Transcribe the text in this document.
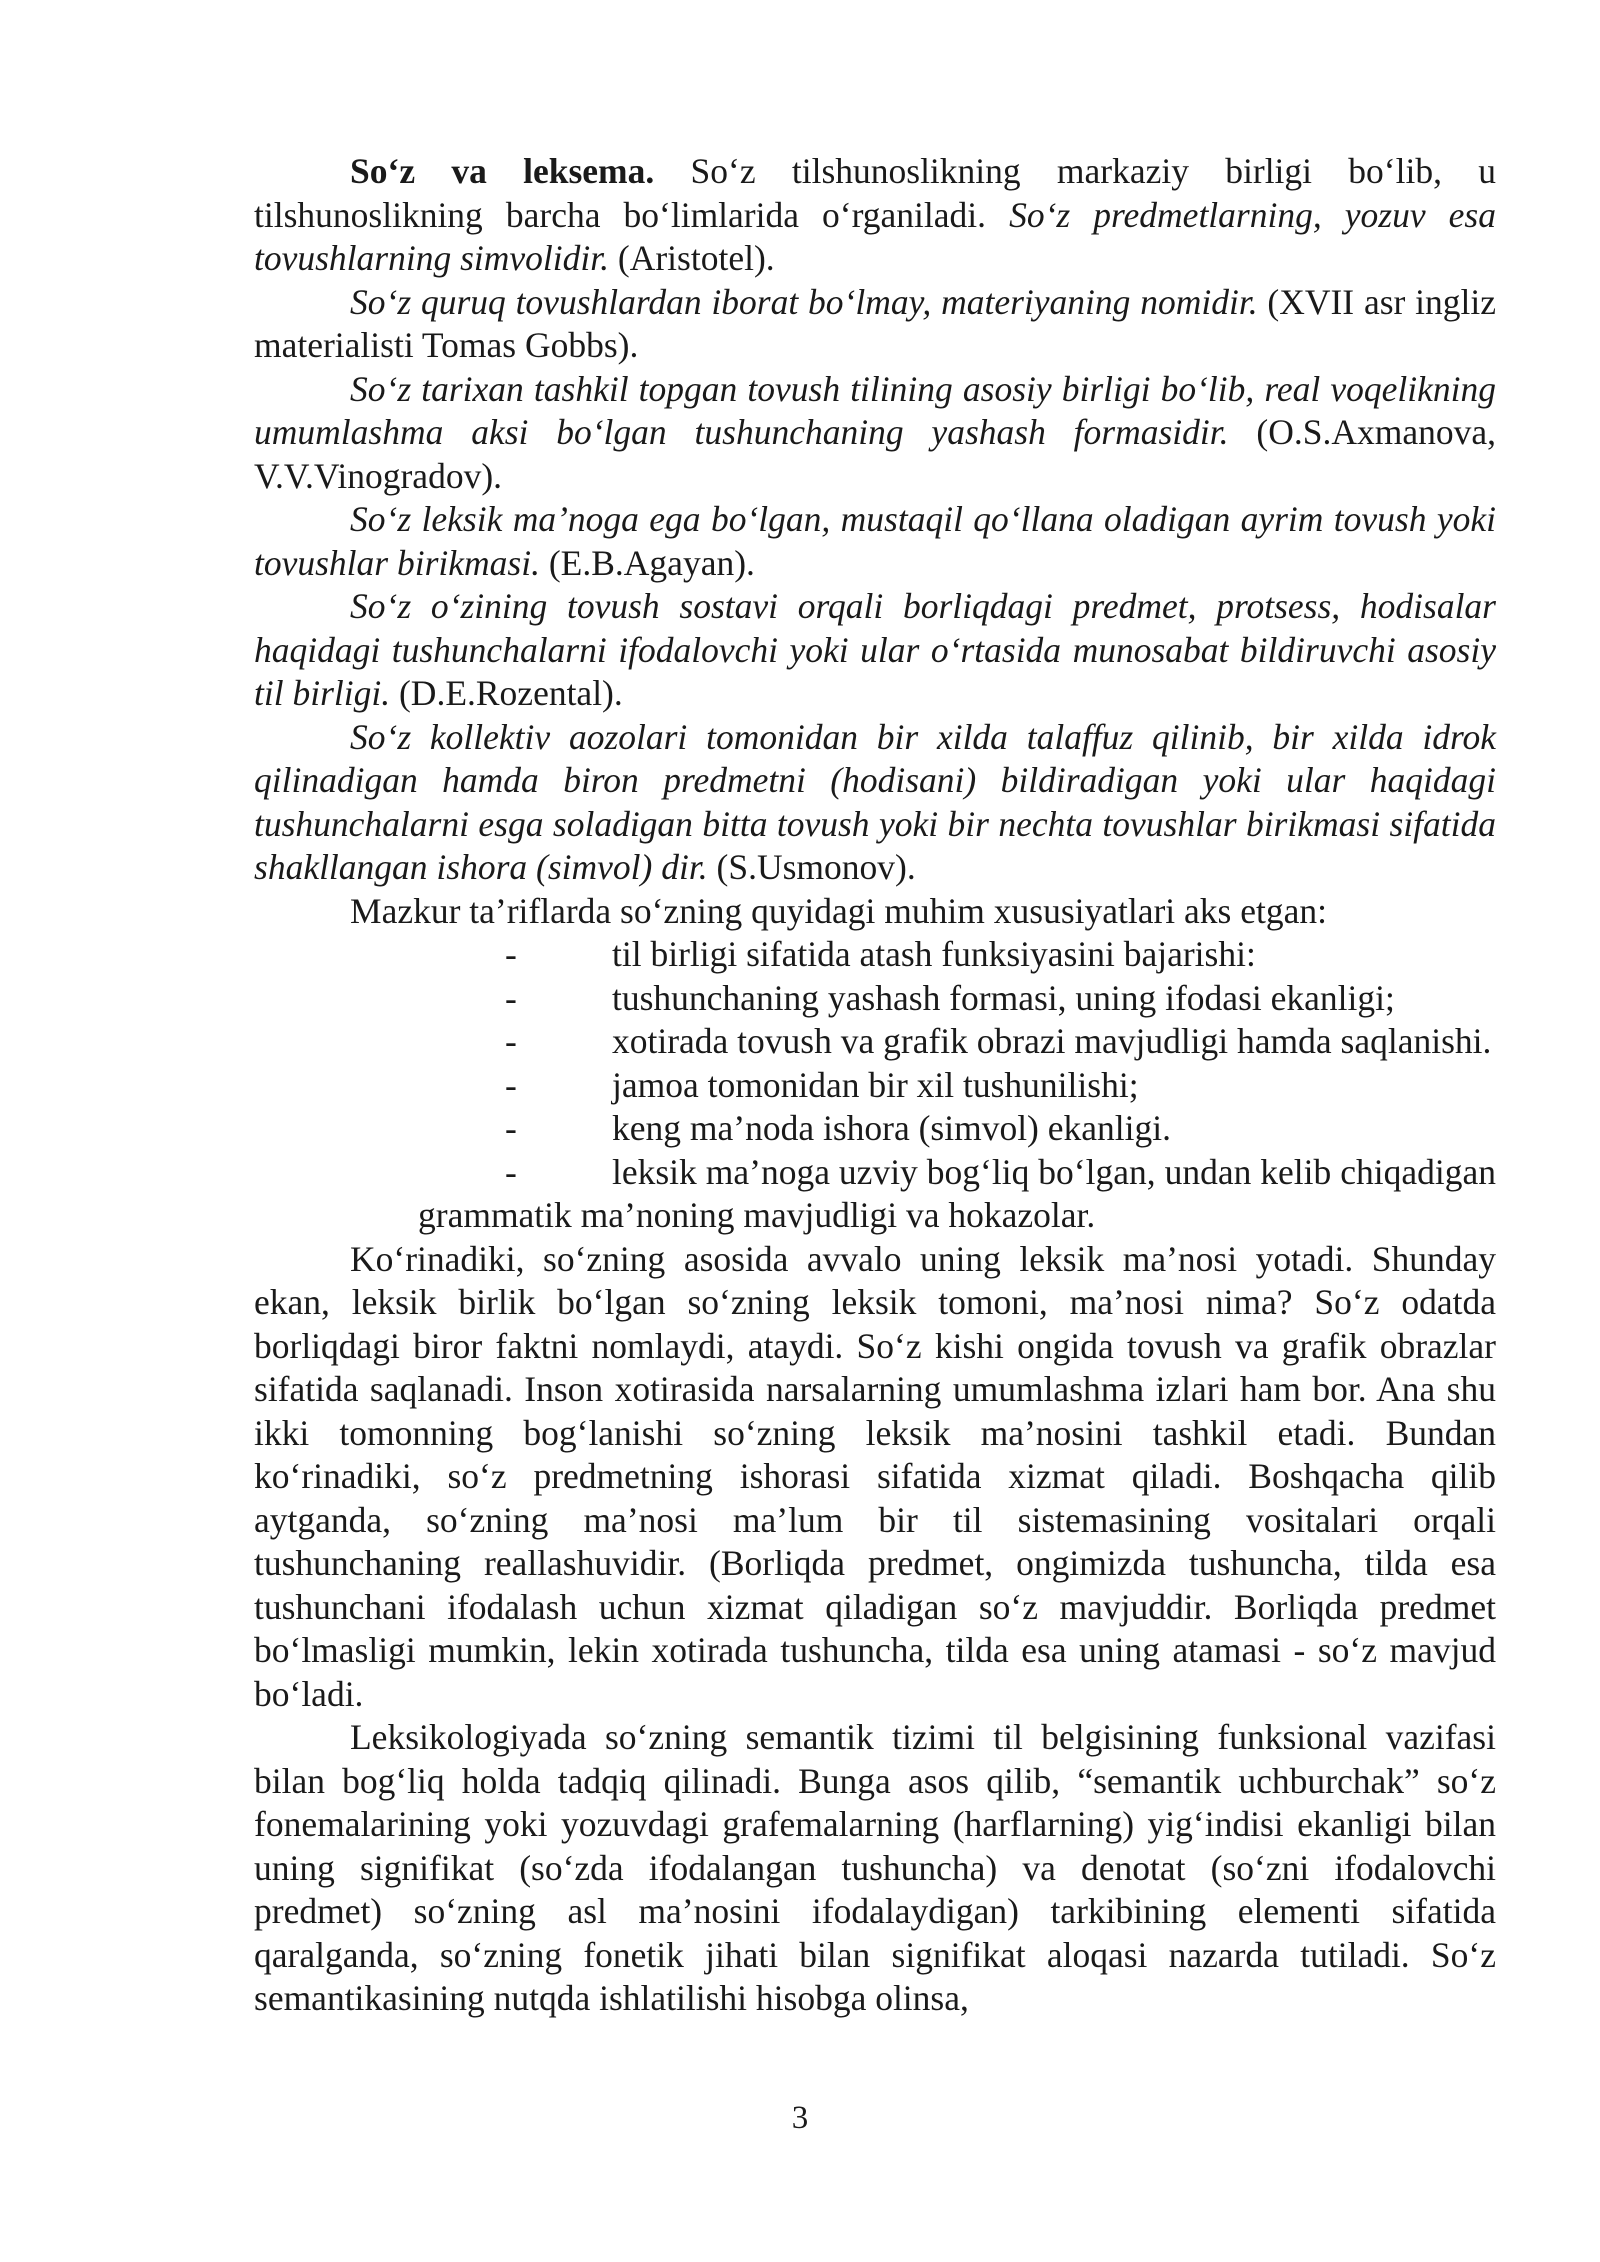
So‘z va leksema. So‘z tilshunoslikning markaziy birligi bo‘lib, u tilshunoslikning barcha bo‘limlarida o‘rganiladi. So‘z predmetlarning, yozuv esa tovushlarning simvolidir. (Aristotel).

So‘z quruq tovushlardan iborat bo‘lmay, materiyaning nomidir. (XVII asr ingliz materialisti Tomas Gobbs).

So‘z tarixan tashkil topgan tovush tilining asosiy birligi bo‘lib, real voqelikning umumlashma aksi bo‘lgan tushunchaning yashash formasidir. (O.S.Axmanova, V.V.Vinogradov).

So‘z leksik ma’noga ega bo‘lgan, mustaqil qo‘llana oladigan ayrim tovush yoki tovushlar birikmasi. (E.B.Agayan).

So‘z o‘zining tovush sostavi orqali borliqdagi predmet, protsess, hodisalar haqidagi tushunchalarni ifodalovchi yoki ular o‘rtasida munosabat bildiruvchi asosiy til birligi. (D.E.Rozental).

So‘z kollektiv aozolari tomonidan bir xilda talaffuz qilinib, bir xilda idrok qilinadigan hamda biron predmetni (hodisani) bildiradigan yoki ular haqidagi tushunchalarni esga soladigan bitta tovush yoki bir nechta tovushlar birikmasi sifatida shakllangan ishora (simvol) dir. (S.Usmonov).

Mazkur ta’riflarda so‘zning quyidagi muhim xususiyatlari aks etgan:

-	til birligi sifatida atash funksiyasini bajarishi:
-	tushunchaning yashash formasi, uning ifodasi ekanligi;
-	xotirada tovush va grafik obrazi mavjudligi hamda saqlanishi.
-	jamoa tomonidan bir xil tushunilishi;
-	keng ma’noda ishora (simvol) ekanligi.
-	leksik ma’noga uzviy bog‘liq bo‘lgan, undan kelib chiqadigan grammatik ma’noning mavjudligi va hokazolar.

Ko‘rinadiki, so‘zning asosida avvalo uning leksik ma’nosi yotadi. Shunday ekan, leksik birlik bo‘lgan so‘zning leksik tomoni, ma’nosi nima? So‘z odatda borliqdagi biror faktni nomlaydi, ataydi. So‘z kishi ongida tovush va grafik obrazlar sifatida saqlanadi. Inson xotirasida narsalarning umumlashma izlari ham bor. Ana shu ikki tomonning bog‘lanishi so‘zning leksik ma’nosini tashkil etadi. Bundan ko‘rinadiki, so‘z predmetning ishorasi sifatida xizmat qiladi. Boshqacha qilib aytganda, so‘zning ma’nosi ma’lum bir til sistemasining vositalari orqali tushunchaning reallashuvidir. (Borliqda predmet, ongimizda tushuncha, tilda esa tushunchani ifodalash uchun xizmat qiladigan so‘z mavjuddir. Borliqda predmet bo‘lmasligi mumkin, lekin xotirada tushuncha, tilda esa uning atamasi - so‘z mavjud bo‘ladi.

Leksikologiyada so‘zning semantik tizimi til belgisining funksional vazifasi bilan bog‘liq holda tadqiq qilinadi. Bunga asos qilib, “semantik uchburchak” so‘z fonemalarining yoki yozuvdagi grafemalarning (harflarning) yig‘indisi ekanligi bilan uning signifikat (so‘zda ifodalangan tushuncha) va denotat (so‘zni ifodalovchi predmet) so‘zning asl ma’nosini ifodalaydigan) tarkibining elementi sifatida qaralganda, so‘zning fonetik jihati bilan signifikat aloqasi nazarda tutiladi. So‘z semantikasining nutqda ishlatilishi hisobga olinsa,

3
